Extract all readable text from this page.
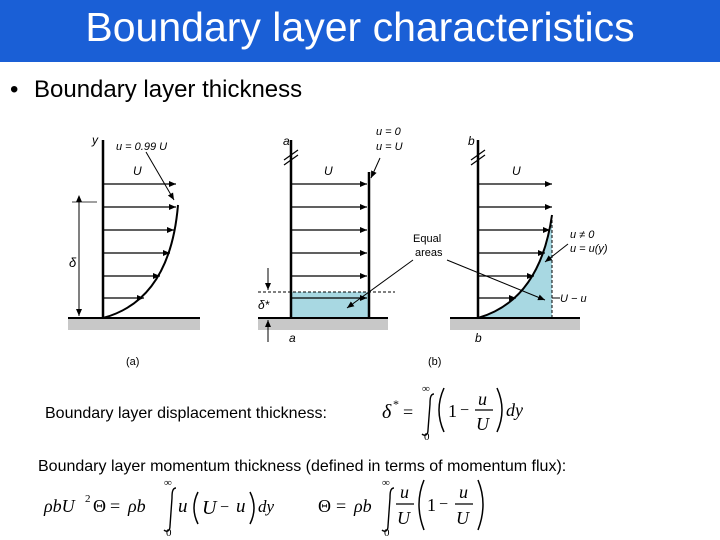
Boundary layer characteristics
• Boundary layer thickness
y u = 0.99 U
U
δ
(a)
a
a
u = 0
u = U
U
δ*
b
b
U
u ≠ 0
u = u(y)
U − u
Equal
areas
(b)
Boundary layer displacement thickness:
Boundary layer momentum thickness (defined in terms of momentum flux):
δ * =
∞
0
1 −
u
U
dy
ρbU 2 Θ = ρb
∞
0
u U − u dy Θ = ρb
∞
0
u
U
1 −
u
U
